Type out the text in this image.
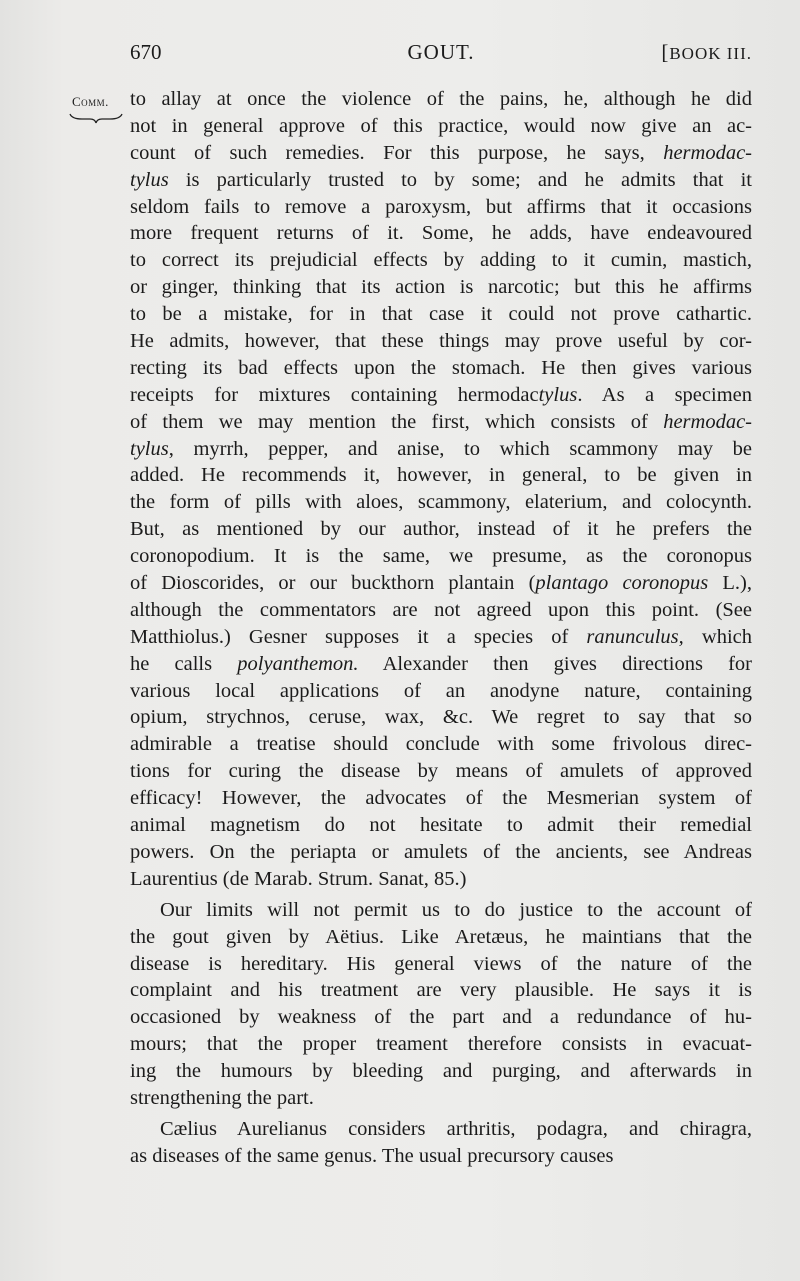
670	GOUT.	[BOOK III.
Comm. to allay at once the violence of the pains, he, although he did
not in general approve of this practice, would now give an ac-
count of such remedies. For this purpose, he says, hermodac-
tylus is particularly trusted to by some; and he admits that it
seldom fails to remove a paroxysm, but affirms that it occasions
more frequent returns of it. Some, he adds, have endeavoured
to correct its prejudicial effects by adding to it cumin, mastich,
or ginger, thinking that its action is narcotic; but this he affirms
to be a mistake, for in that case it could not prove cathartic.
He admits, however, that these things may prove useful by cor-
recting its bad effects upon the stomach. He then gives various
receipts for mixtures containing hermodactylus. As a specimen
of them we may mention the first, which consists of hermodac-
tylus, myrrh, pepper, and anise, to which scammony may be
added. He recommends it, however, in general, to be given in
the form of pills with aloes, scammony, elaterium, and colocynth.
But, as mentioned by our author, instead of it he prefers the
coronopodium. It is the same, we presume, as the coronopus
of Dioscorides, or our buckthorn plantain (plantago coronopus L.),
although the commentators are not agreed upon this point. (See
Matthiolus.) Gesner supposes it a species of ranunculus, which
he calls polyanthemon. Alexander then gives directions for
various local applications of an anodyne nature, containing
opium, strychnos, ceruse, wax, &c. We regret to say that so
admirable a treatise should conclude with some frivolous direc-
tions for curing the disease by means of amulets of approved
efficacy! However, the advocates of the Mesmerian system of
animal magnetism do not hesitate to admit their remedial
powers. On the periapta or amulets of the ancients, see Andreas
Laurentius (de Marab. Strum. Sanat, 85.)
Our limits will not permit us to do justice to the account of
the gout given by Aëtius. Like Aretæus, he maintians that the
disease is hereditary. His general views of the nature of the
complaint and his treatment are very plausible. He says it is
occasioned by weakness of the part and a redundance of hu-
mours; that the proper treament therefore consists in evacuat-
ing the humours by bleeding and purging, and afterwards in
strengthening the part.
Cælius Aurelianus considers arthritis, podagra, and chiragra,
as diseases of the same genus. The usual precursory causes
